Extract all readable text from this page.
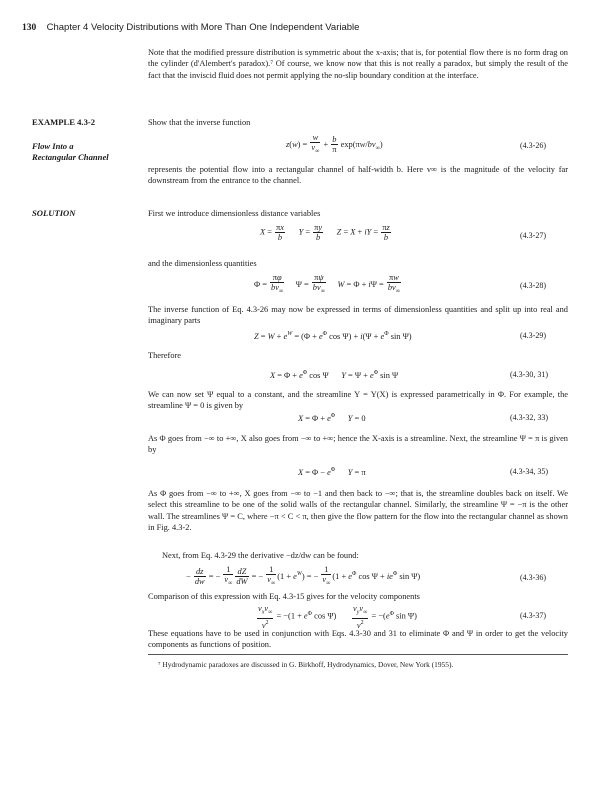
130 Chapter 4 Velocity Distributions with More Than One Independent Variable
Note that the modified pressure distribution is symmetric about the x-axis; that is, for potential flow there is no form drag on the cylinder (d'Alembert's paradox).⁷ Of course, we know now that this is not really a paradox, but simply the result of the fact that the inviscid fluid does not permit applying the no-slip boundary condition at the interface.
EXAMPLE 4.3-2	Show that the inverse function
Flow Into a
Rectangular Channel
$z(w) = \frac{w}{v_\infty} + \frac{b}{\pi} \exp(\pi w/bv_\infty)$	(4.3-26)
represents the potential flow into a rectangular channel of half-width b. Here v∞ is the magnitude of the velocity far downstream from the entrance to the channel.
SOLUTION	First we introduce dimensionless distance variables
$X = \frac{\pi x}{b}$ $Y = \frac{\pi y}{b}$ Z = X + iY = $\frac{\pi z}{b}$	(4.3-27)
and the dimensionless quantities
$\Phi = \frac{\pi\varphi}{bv_\infty}$ $\Psi = \frac{\pi\psi}{bv_\infty}$ $W = \Phi + i\Psi = \frac{\pi w}{bv_\infty}$	(4.3-28)
The inverse function of Eq. 4.3-26 may now be expressed in terms of dimensionless quantities and split up into real and imaginary parts
$Z = W + e^W = (\Phi + e^\Phi$ $\cos \Psi) + i(\Psi + e^\Phi$ sin Ψ)	(4.3-29)
Therefore
$X = \Phi + e^\Phi$ cos Ψ      $Y = \Psi + e^\Phi$ sin Ψ	(4.3-30, 31)
We can now set Ψ equal to a constant, and the streamline Y = Y(X) is expressed parametrically in Φ. For example, the streamline Ψ = 0 is given by
$X = \Phi + e^\Phi$ Y = 0	(4.3-32, 33)
As Φ goes from −∞ to +∞, X also goes from −∞ to +∞; hence the X-axis is a streamline. Next, the streamline Ψ = π is given by
$X = \Phi - e^\Phi$ Y = π	(4.3-34, 35)
As Φ goes from −∞ to +∞, X goes from −∞ to −1 and then back to −∞; that is, the streamline doubles back on itself. We select this streamline to be one of the solid walls of the rectangular channel. Similarly, the streamline Ψ = −π is the other wall. The streamlines Ψ = C, where −π < C < π, then give the flow pattern for the flow into the rectangular channel as shown in Fig. 4.3-2.
Next, from Eq. 4.3-29 the derivative −dz/dw can be found:
− $\frac{dz}{dw}$ = − $\frac{1}{v_\infty} \frac{dZ}{dW}$ = − $\frac{1}{v_\infty} (1 + e^W)$ = − $\frac{1}{v_\infty} (1 + e^\Phi$ $\cos \Psi + ie^\Phi$ sin Ψ)	(4.3-36)
Comparison of this expression with Eq. 4.3-15 gives for the velocity components
$v_xv_\infty$
$v^2$
= $-(1 + e^\Phi$ cos Ψ)
$v_yv_\infty$
$v^2$
= $-(e^\Phi$ sin Ψ)	(4.3-37)
⁷ Hydrodynamic paradoxes are discussed in G. Birkhoff, Hydrodynamics, Dover, New York (1955).
These equations have to be used in conjunction with Eqs. 4.3-30 and 31 to eliminate Φ and Ψ in order to get the velocity components as functions of position.
